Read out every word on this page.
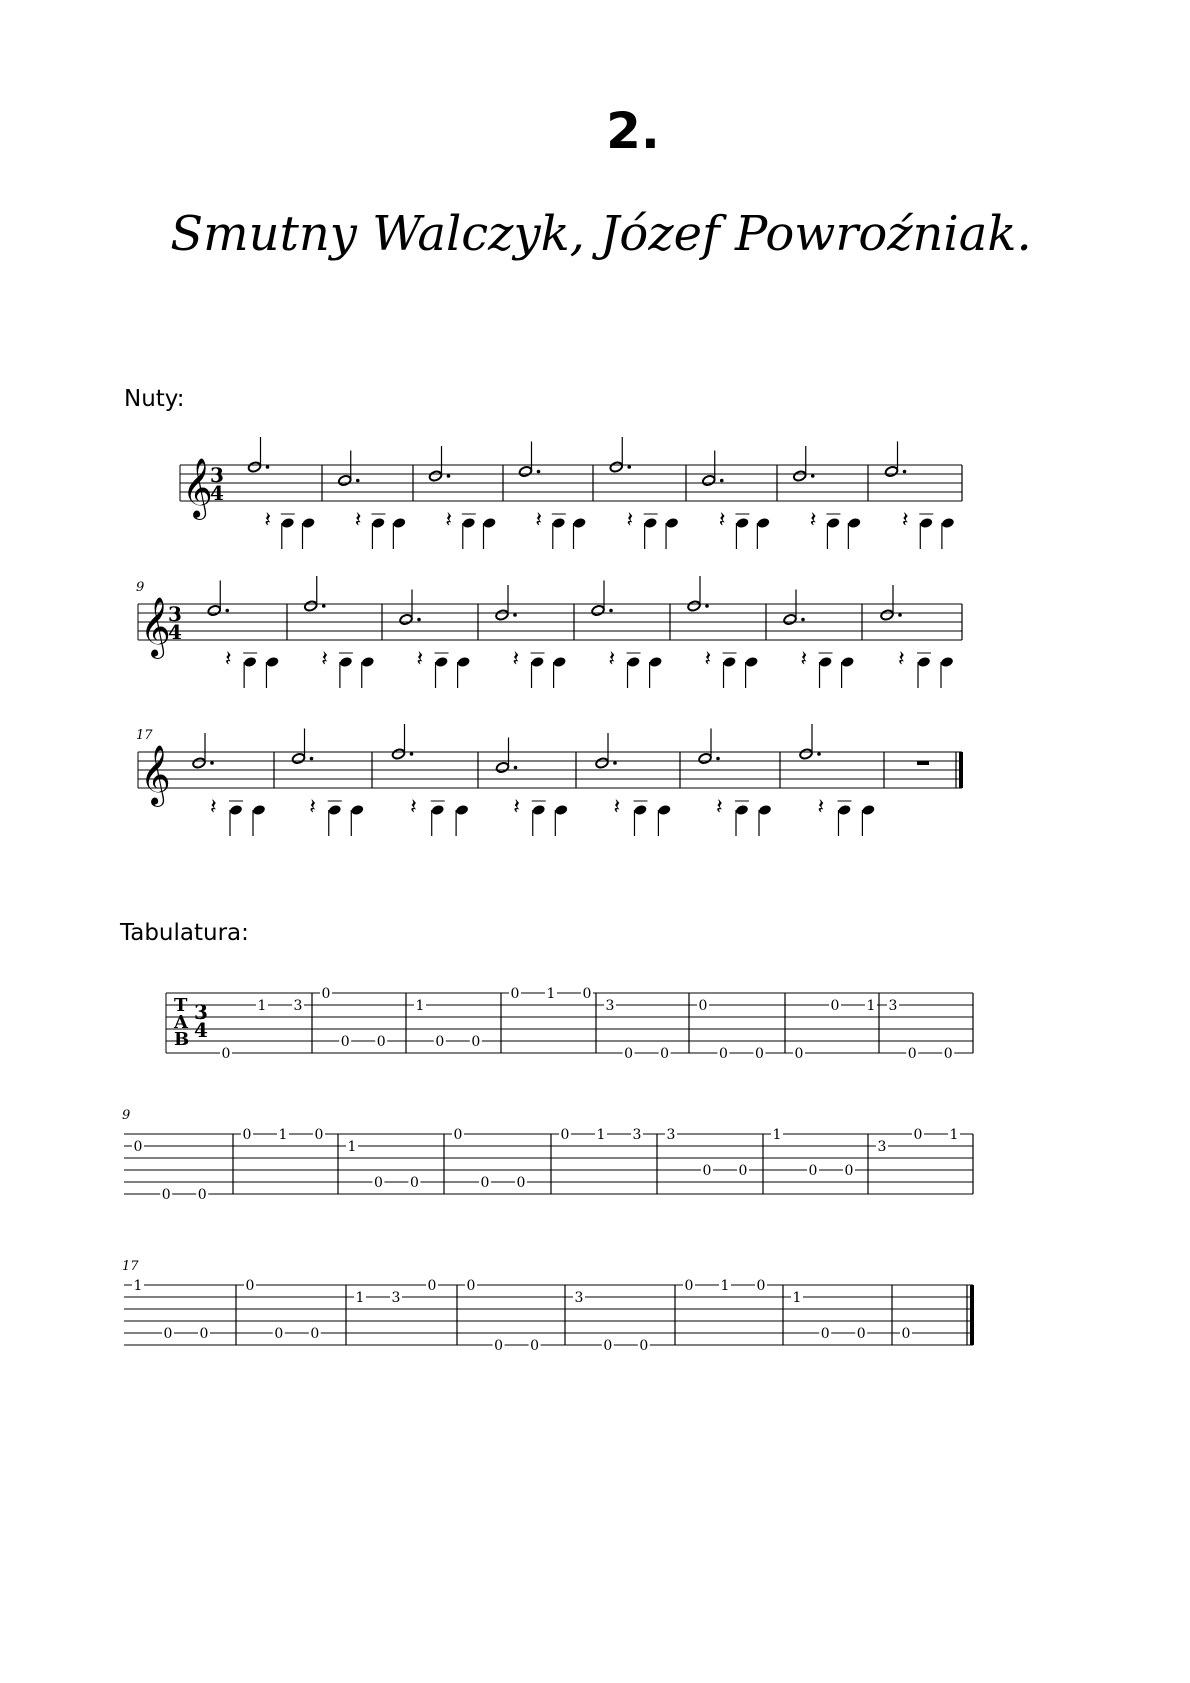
2.
Smutny Walczyk, Józef Powroźniak.
Nuty:
Tabulatura:
𝄞
3
4
𝄽	𝄽	𝄽	𝄽	𝄽	𝄽	𝄽	𝄽
𝄞
3
4
9
𝄽	𝄽	𝄽	𝄽	𝄽	𝄽	𝄽	𝄽
𝄞
17
𝄽	𝄽	𝄽	𝄽	𝄽	𝄽	𝄽
T
A
B
3
4
0
1 3
0
0 0
1
0 0
0 1 0
3
0 0
0
0 0 0
0 1 3
0 0
9
0
0 0
0 1 0
1
0 0
0
0 0
0 1 3 3
0 0
1
0 0
3
0 1
17
1
0 0
0
0 0
1 3
0 0
0 0
3
0 0
0 1 0
1
0 0	0
